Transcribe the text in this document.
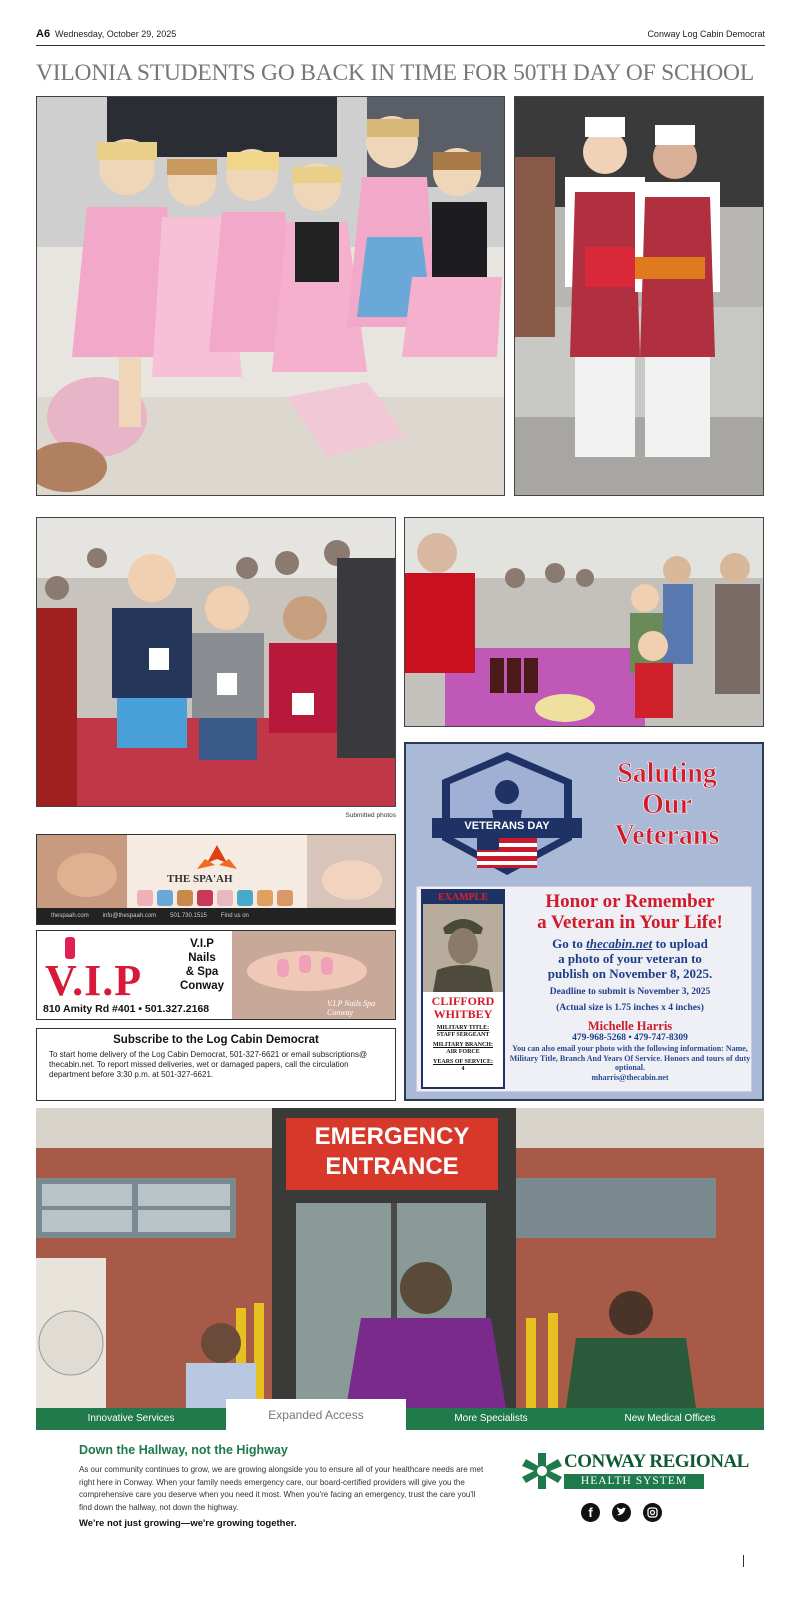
A6 Wednesday, October 29, 2025	Conway Log Cabin Democrat
VILONIA STUDENTS GO BACK IN TIME FOR 50TH DAY OF SCHOOL
Submitted photos
THE SPA'AH
thespaah.com info@thespaah.com 501.730.1515 Find us on
V.I.P
V.I.P
Nails
& Spa
Conway
810 Amity Rd #401 • 501.327.2168	V.I.P Nails Spa Conway
Subscribe to the Log Cabin Democrat

To start home delivery of the Log Cabin Democrat, 501-327-6621 or email subscriptions@ thecabin.net. To report missed deliveries, wet or damaged papers, call the circulation department before 3:30 p.m. at 501-327-6621.

VETERANS DAY
Saluting
Our
Veterans
EXAMPLE
CLIFFORD
WHITBEY
MILITARY TITLE:
STAFF SERGEANT
MILITARY BRANCH:
AIR FORCE
YEARS OF SERVICE:
4
Honor or Remember
a Veteran in Your Life!
Go to thecabin.net to upload
a photo of your veteran to
publish on November 8, 2025.
Deadline to submit is November 3, 2025
(Actual size is 1.75 inches x 4 inches)
Michelle Harris
479-968-5268 • 479-747-8309
You can also email your photo with the following information: Name, Military Title, Branch And Years Of Service. Honors and tours of duty optional.
mharris@thecabin.net
EMERGENCY
ENTRANCE
Innovative Services	Expanded Access	More Specialists	New Medical Offices
Down the Hallway, not the Highway
As our community continues to grow, we are growing alongside you to ensure all of your healthcare needs are met right here in Conway. When your family needs emergency care, our board-certified providers will give you the comprehensive care you deserve when you need it most. When you're facing an emergency, trust the care you'll find down the hallway, not down the highway.
We're not just growing—we're growing together.
CONWAY REGIONAL
HEALTH SYSTEM
f
